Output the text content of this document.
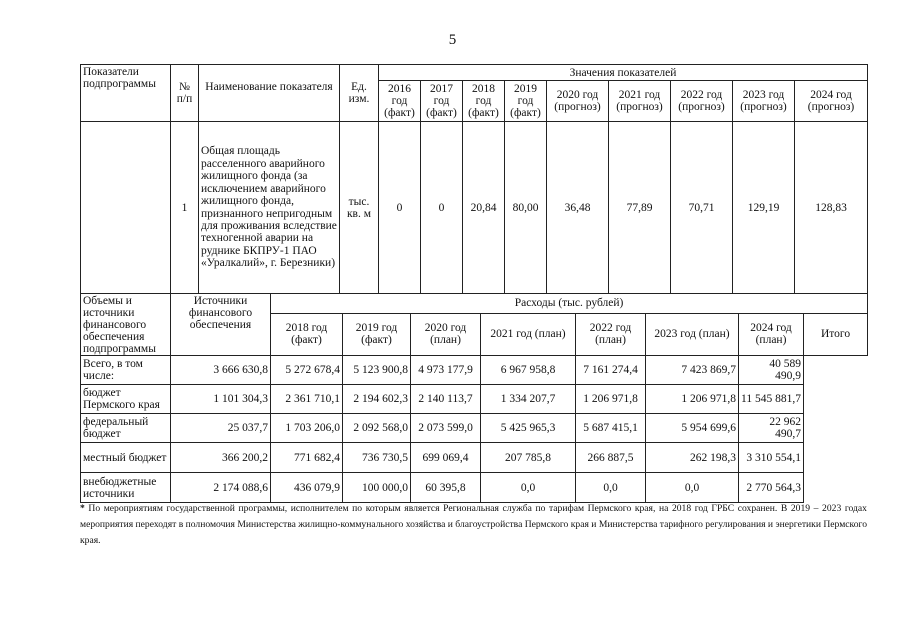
5
Показатели подпрограммы	№ п/п	Наименование показателя	Ед. изм.	Значения показателей								
				2016 год (факт)	2017 год (факт)	2018 год (факт)	2019 год (факт)	2020 год (прогноз)	2021 год (прогноз)	2022 год (прогноз)	2023 год (прогноз)	2024 год (прогноз)
	1	Общая площадь расселенного аварийного жилищного фонда (за исключением аварийного жилищного фонда, признанного непригодным для проживания вследствие техногенной аварии на руднике БКПРУ-1 ПАО «Уралкалий», г. Березники)	тыс. кв. м	0	0	20,84	80,00	36,48	77,89	70,71	129,19	128,83
Объемы и источники финансового обеспечения подпрограммы	Источники финансового обеспечения	Расходы (тыс. рублей)							
		2018 год (факт)	2019 год (факт)	2020 год (план)	2021 год (план)	2022 год (план)	2023 год (план)	2024 год (план)	Итого
Всего, в том числе:	3 666 630,8	5 272 678,4	5 123 900,8	4 973 177,9	6 967 958,8	7 161 274,4	7 423 869,7	40 589 490,9	
бюджет Пермского края	1 101 304,3	2 361 710,1	2 194 602,3	2 140 113,7	1 334 207,7	1 206 971,8	1 206 971,8	11 545 881,7	
федеральный бюджет	25 037,7	1 703 206,0	2 092 568,0	2 073 599,0	5 425 965,3	5 687 415,1	5 954 699,6	22 962 490,7	
местный бюджет	366 200,2	771 682,4	736 730,5	699 069,4	207 785,8	266 887,5	262 198,3	3 310 554,1	
внебюджетные источники	2 174 088,6	436 079,9	100 000,0	60 395,8	0,0	0,0	0,0	2 770 564,3	
* По мероприятиям государственной программы, исполнителем по которым является Региональная служба по тарифам Пермского края, на 2018 год ГРБС сохранен. В 2019 – 2023 годах мероприятия переходят в полномочия Министерства жилищно-коммунального хозяйства и благоустройства Пермского края и Министерства тарифного регулирования и энергетики Пермского края.
